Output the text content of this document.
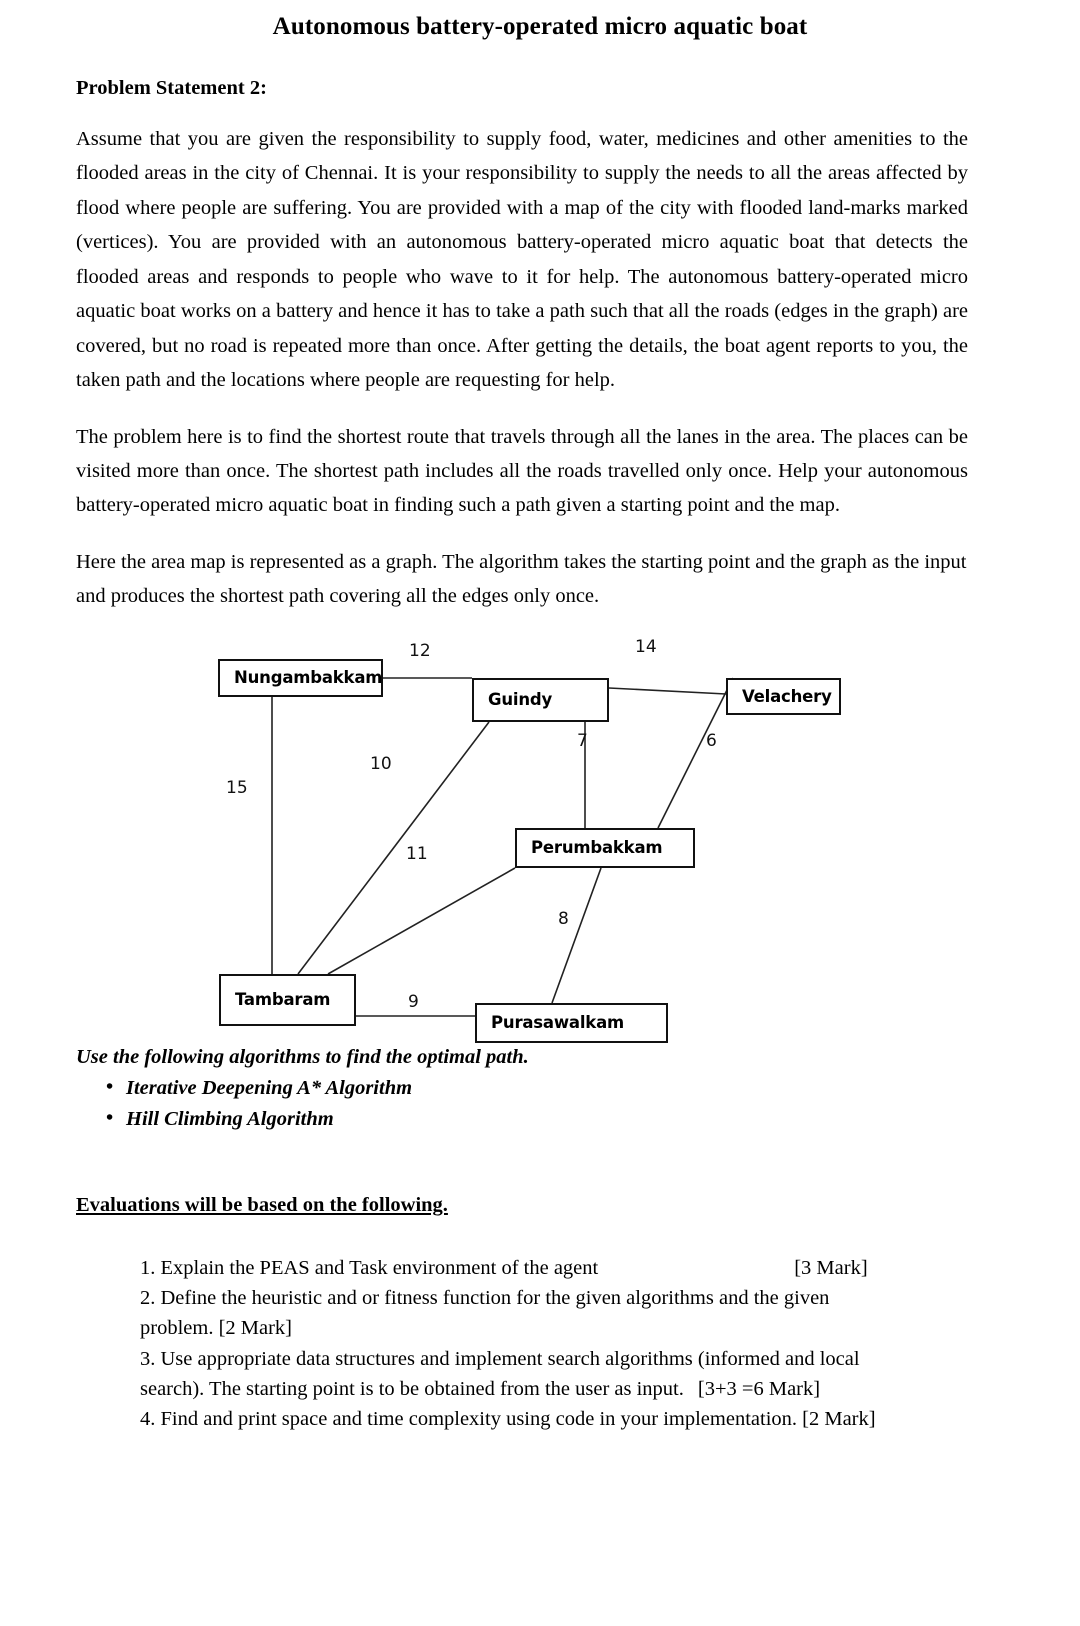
Autonomous battery-operated micro aquatic boat
Problem Statement 2:

Assume that you are given the responsibility to supply food, water, medicines and other amenities to the flooded areas in the city of Chennai. It is your responsibility to supply the needs to all the areas affected by flood where people are suffering. You are provided with a map of the city with flooded land-marks marked (vertices). You are provided with an autonomous battery-operated micro aquatic boat that detects the flooded areas and responds to people who wave to it for help. The autonomous battery-operated micro aquatic boat works on a battery and hence it has to take a path such that all the roads (edges in the graph) are covered, but no road is repeated more than once. After getting the details, the boat agent reports to you, the taken path and the locations where people are requesting for help.

The problem here is to find the shortest route that travels through all the lanes in the area. The places can be visited more than once. The shortest path includes all the roads travelled only once. Help your autonomous battery-operated micro aquatic boat in finding such a path given a starting point and the map.

Here the area map is represented as a graph. The algorithm takes the starting point and the graph as the input and produces the shortest path covering all the edges only once.

Nungambakkam
Guindy	Velachery
Perumbakkam
Tambaram
Purasawalkam
12	14
15
10
7	6
11
8
9
Use the following algorithms to find the optimal path.
• Iterative Deepening A* Algorithm
• Hill Climbing Algorithm
Evaluations will be based on the following.
1. Explain the PEAS and Task environment of the agent	[3 Mark]
2. Define the heuristic and or fitness function for the given algorithms and the given problem. [2 Mark]
3. Use appropriate data structures and implement search algorithms (informed and local search). The starting point is to be obtained from the user as input. [3+3 =6 Mark]
4. Find and print space and time complexity using code in your implementation. [2 Mark]
